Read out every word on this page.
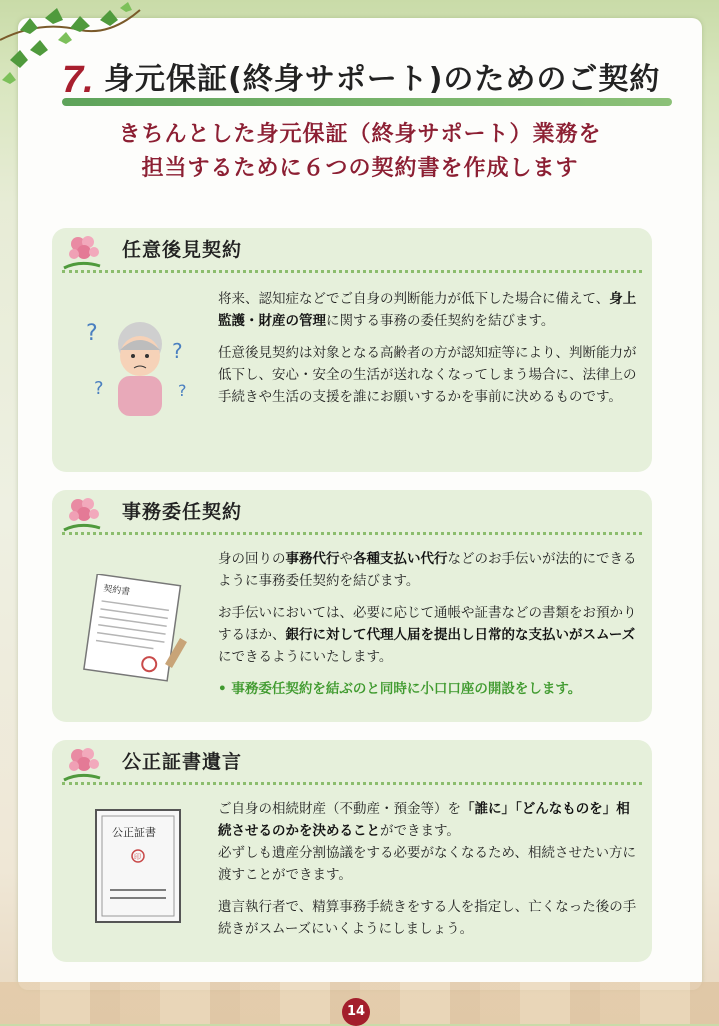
7. 身元保証(終身サポート)のためのご契約
きちんとした身元保証（終身サポート）業務を
担当するために６つの契約書を作成します
任意後見契約
?
?
?	?

将来、認知症などでご自身の判断能力が低下した場合に備えて、身上監護・財産の管理に関する事務の委任契約を結びます。

任意後見契約は対象となる高齢者の方が認知症等により、判断能力が低下し、安心・安全の生活が送れなくなってしまう場合に、法律上の手続きや生活の支援を誰にお願いするかを事前に決めるものです。

事務委任契約
契約書

身の回りの事務代行や各種支払い代行などのお手伝いが法的にできるように事務委任契約を結びます。

お手伝いにおいては、必要に応じて通帳や証書などの書類をお預かりするほか、銀行に対して代理人届を提出し日常的な支払いがスムーズにできるようにいたします。

• 事務委任契約を結ぶのと同時に小口口座の開設をします。

公正証書遺言
公正証書
印

ご自身の相続財産（不動産・預金等）を「誰に」「どんなものを」相続させるのかを決めることができます。
必ずしも遺産分割協議をする必要がなくなるため、相続させたい方に渡すことができます。

遺言執行者で、精算事務手続きをする人を指定し、亡くなった後の手続きがスムーズにいくようにしましょう。

14
